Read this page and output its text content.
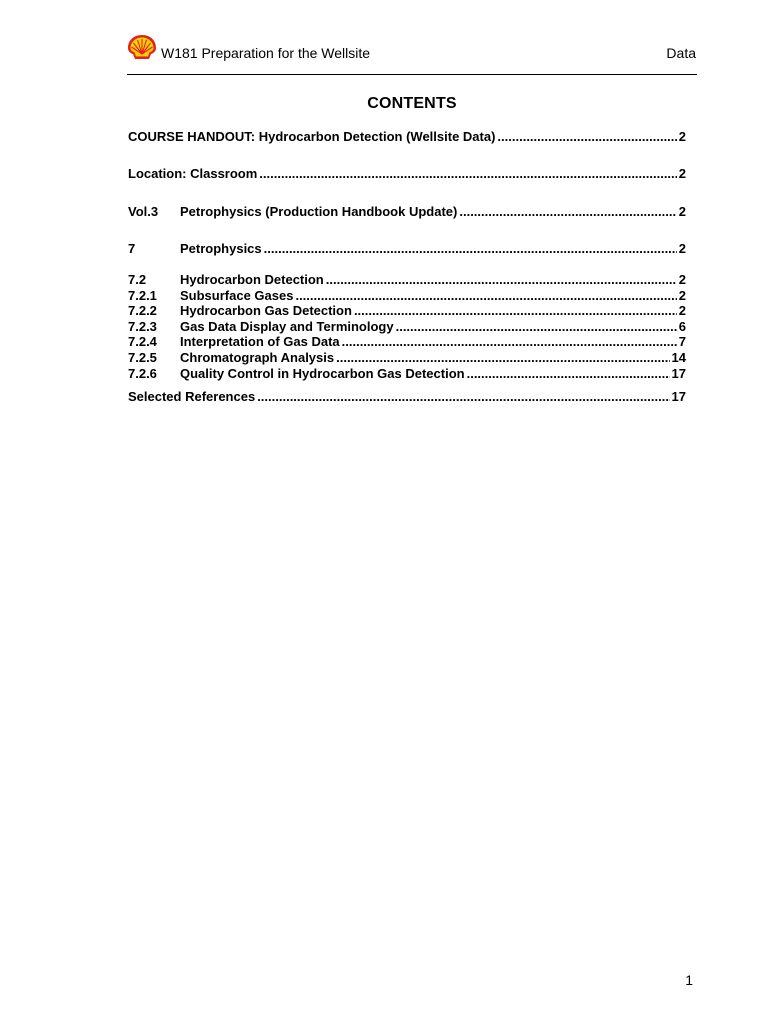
W181 Preparation for the Wellsite	Data
CONTENTS
COURSE HANDOUT: Hydrocarbon Detection (Wellsite Data) .....	2
Location: Classroom .....	2
Vol.3	Petrophysics (Production Handbook Update) .....	2
7	Petrophysics .....	2
7.2	Hydrocarbon Detection .....	2
7.2.1	Subsurface Gases .....	2
7.2.2	Hydrocarbon Gas Detection .....	2
7.2.3	Gas Data Display and Terminology .....	6
7.2.4	Interpretation of Gas Data .....	7
7.2.5	Chromatograph Analysis .....	14
7.2.6	Quality Control in Hydrocarbon Gas Detection .....	17
Selected References .....	17
1
